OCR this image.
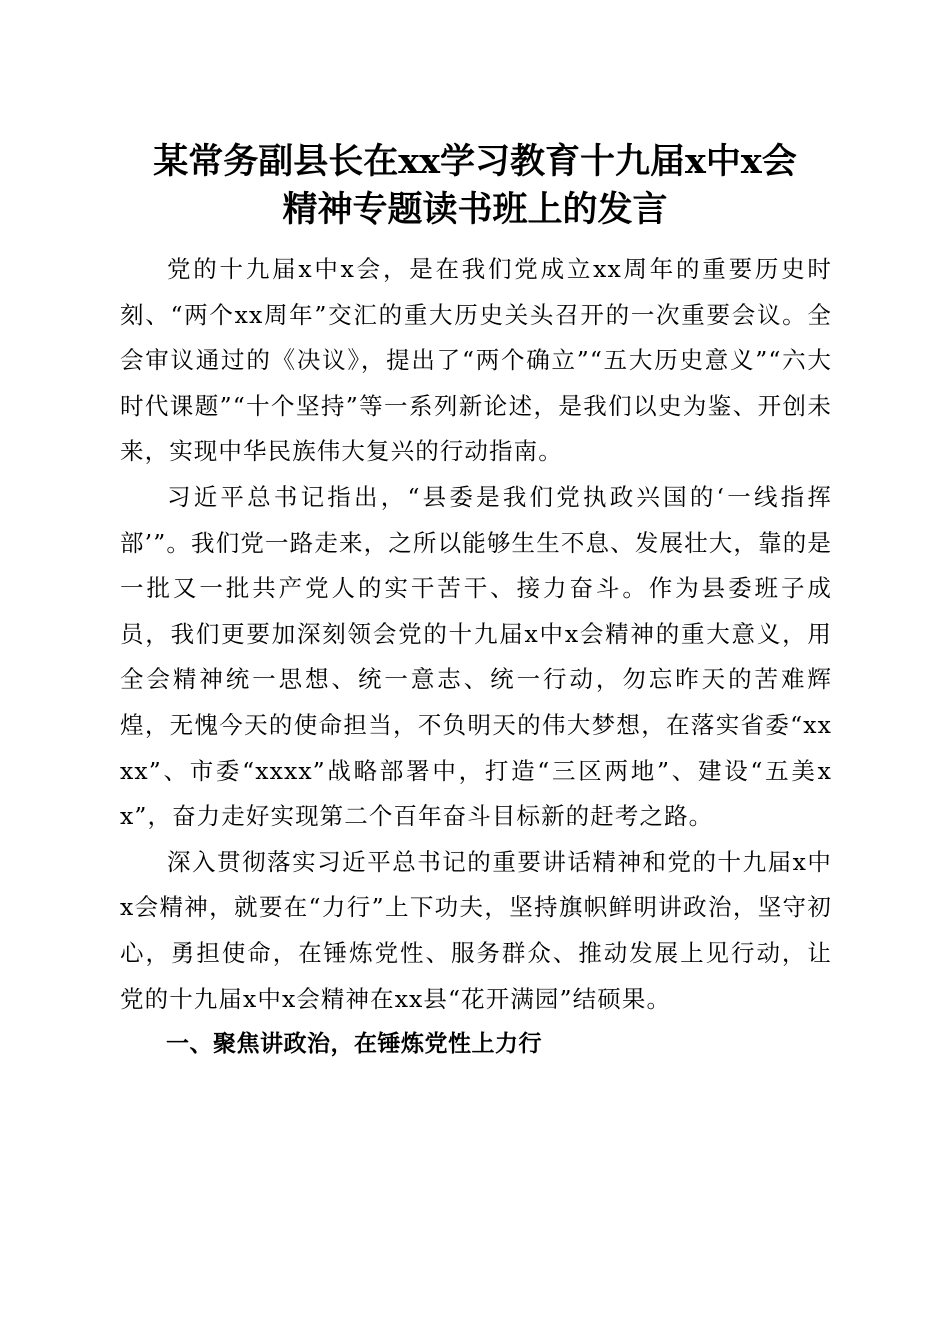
某常务副县长在xx学习教育十九届x中x会
精神专题读书班上的发言

党的十九届x中x会，是在我们党成立xx周年的重要历史时刻、“两个xx周年”交汇的重大历史关头召开的一次重要会议。全会审议通过的《决议》，提出了“两个确立”“五大历史意义”“六大时代课题”“十个坚持”等一系列新论述，是我们以史为鉴、开创未来，实现中华民族伟大复兴的行动指南。

习近平总书记指出，“县委是我们党执政兴国的‘一线指挥部’”。我们党一路走来，之所以能够生生不息、发展壮大，靠的是一批又一批共产党人的实干苦干、接力奋斗。作为县委班子成员，我们更要加深刻领会党的十九届x中x会精神的重大意义，用全会精神统一思想、统一意志、统一行动，勿忘昨天的苦难辉煌，无愧今天的使命担当，不负明天的伟大梦想，在落实省委“xxxx”、市委“xxxx”战略部署中，打造“三区两地”、建设“五美xx”，奋力走好实现第二个百年奋斗目标新的赶考之路。

深入贯彻落实习近平总书记的重要讲话精神和党的十九届x中x会精神，就要在“力行”上下功夫，坚持旗帜鲜明讲政治，坚守初心，勇担使命，在锤炼党性、服务群众、推动发展上见行动，让党的十九届x中x会精神在xx县“花开满园”结硕果。

一、聚焦讲政治，在锤炼党性上力行
